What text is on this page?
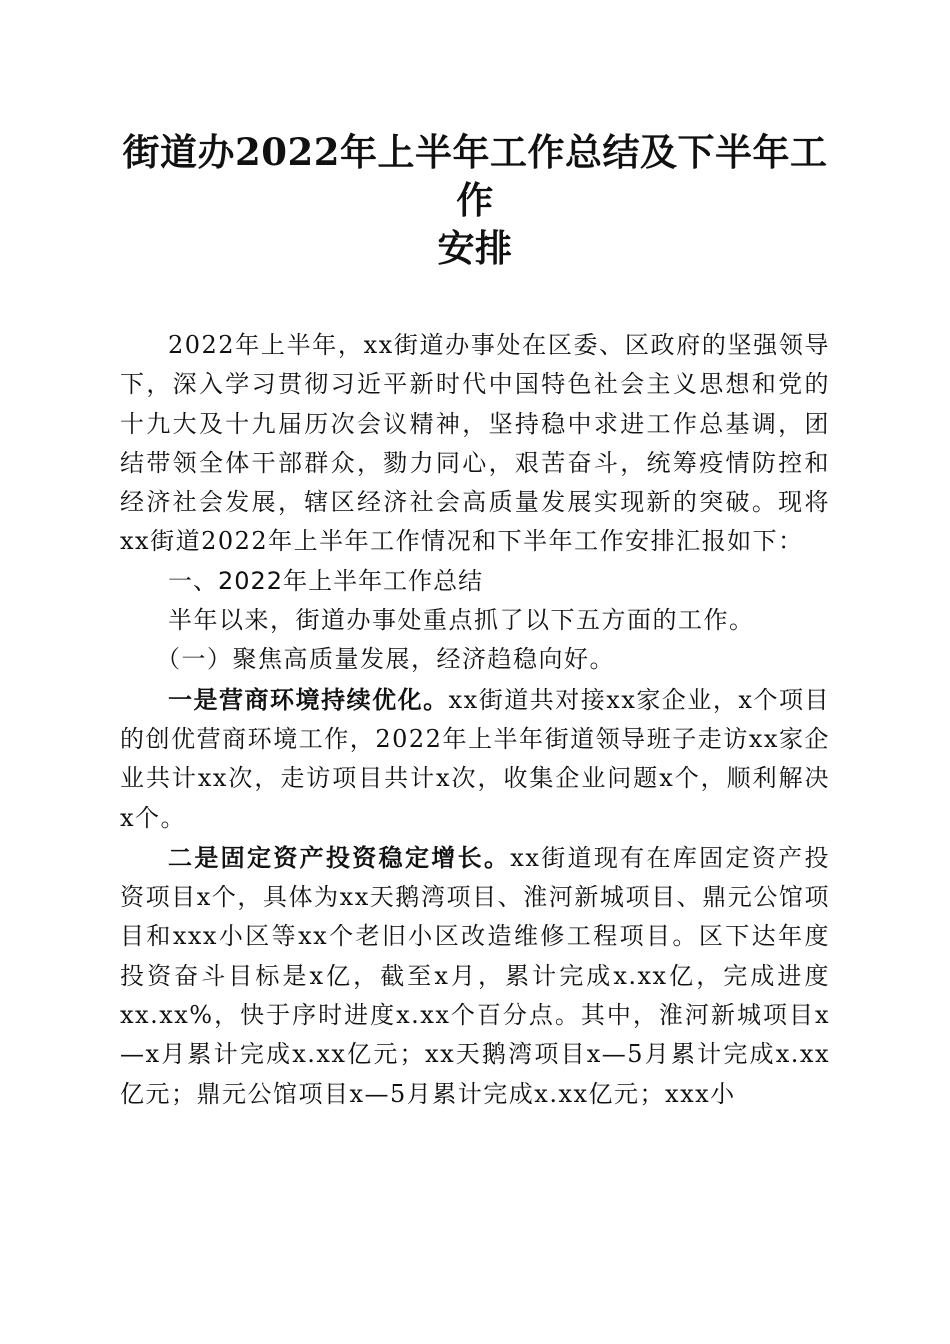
街道办2022年上半年工作总结及下半年工作
安排

2022年上半年，xx街道办事处在区委、区政府的坚强领导下，深入学习贯彻习近平新时代中国特色社会主义思想和党的十九大及十九届历次会议精神，坚持稳中求进工作总基调，团结带领全体干部群众，勠力同心，艰苦奋斗，统筹疫情防控和经济社会发展，辖区经济社会高质量发展实现新的突破。现将xx街道2022年上半年工作情况和下半年工作安排汇报如下：

一、2022年上半年工作总结

半年以来，街道办事处重点抓了以下五方面的工作。

（一）聚焦高质量发展，经济趋稳向好。

一是营商环境持续优化。xx街道共对接xx家企业，x个项目的创优营商环境工作，2022年上半年街道领导班子走访xx家企业共计xx次，走访项目共计x次，收集企业问题x个，顺利解决x个。

二是固定资产投资稳定增长。xx街道现有在库固定资产投资项目x个，具体为xx天鹅湾项目、淮河新城项目、鼎元公馆项目和xxx小区等xx个老旧小区改造维修工程项目。区下达年度投资奋斗目标是x亿，截至x月，累计完成x.xx亿，完成进度xx.xx%，快于序时进度x.xx个百分点。其中，淮河新城项目x—x月累计完成x.xx亿元；xx天鹅湾项目x—5月累计完成x.xx亿元；鼎元公馆项目x—5月累计完成x.xx亿元；xxx小
